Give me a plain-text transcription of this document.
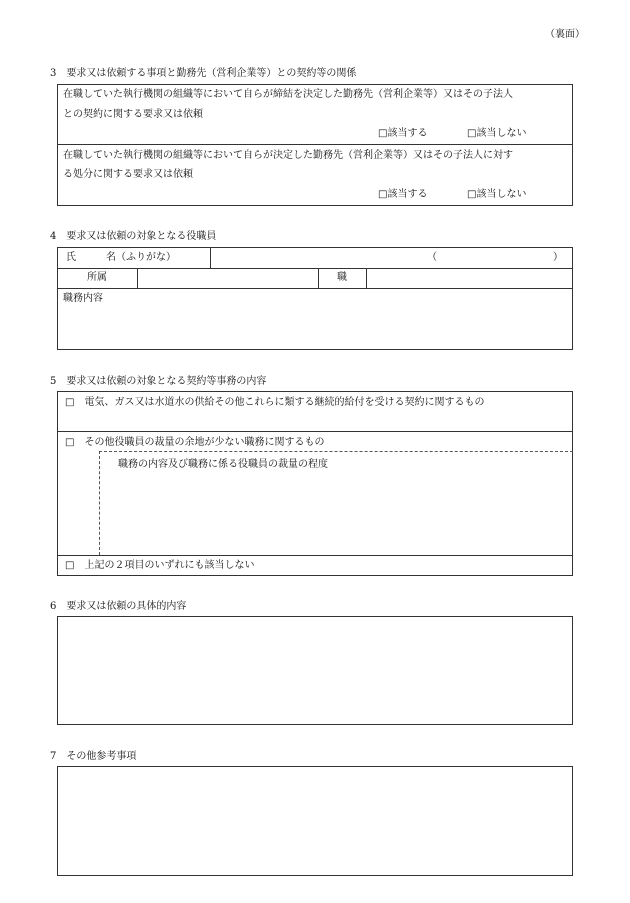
（裏面）
3　要求又は依頼する事項と勤務先（営利企業等）との契約等の関係
在職していた執行機関の組織等において自らが締結を決定した勤務先（営利企業等）又はその子法人
との契約に関する要求又は依頼
□該当する	□該当しない
在職していた執行機関の組織等において自らが決定した勤務先（営利企業等）又はその子法人に対す
る処分に関する要求又は依頼
□該当する	□該当しない
4　要求又は依頼の対象となる役職員
氏　　　名（ふりがな）	（	）
所属	職
職務内容
5　要求又は依頼の対象となる契約等事務の内容
□　電気、ガス又は水道水の供給その他これらに類する継続的給付を受ける契約に関するもの
□　その他役職員の裁量の余地が少ない職務に関するもの
職務の内容及び職務に係る役職員の裁量の程度
□　上記の２項目のいずれにも該当しない
6　要求又は依頼の具体的内容
7　その他参考事項
